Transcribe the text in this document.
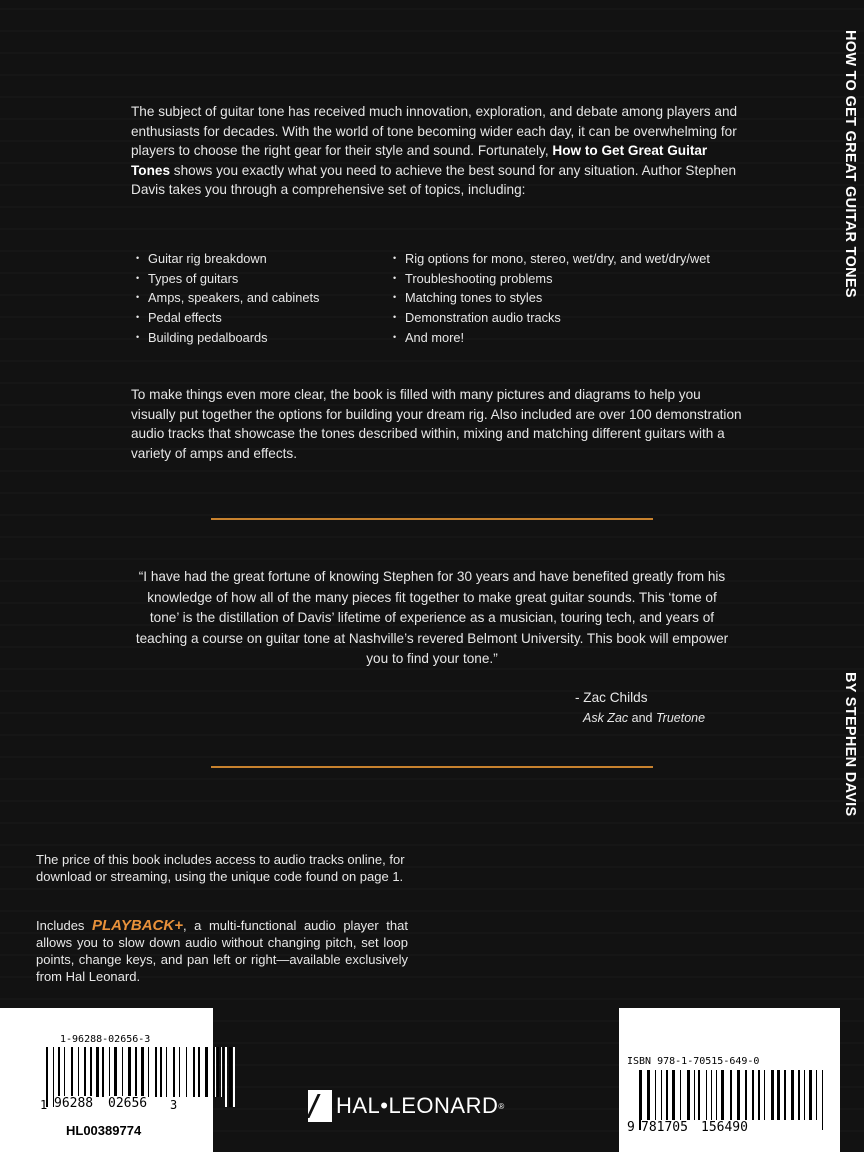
HOW TO GET GREAT GUITAR TONES
BY STEPHEN DAVIS
The subject of guitar tone has received much innovation, exploration, and debate among players and enthusiasts for decades. With the world of tone becoming wider each day, it can be overwhelming for players to choose the right gear for their style and sound. Fortunately, How to Get Great Guitar Tones shows you exactly what you need to achieve the best sound for any situation. Author Stephen Davis takes you through a comprehensive set of topics, including:
• Guitar rig breakdown
• Types of guitars
• Amps, speakers, and cabinets
• Pedal effects
• Building pedalboards
• Rig options for mono, stereo, wet/dry, and wet/dry/wet
• Troubleshooting problems
• Matching tones to styles
• Demonstration audio tracks
• And more!
To make things even more clear, the book is filled with many pictures and diagrams to help you visually put together the options for building your dream rig. Also included are over 100 demonstration audio tracks that showcase the tones described within, mixing and matching different guitars with a variety of amps and effects.
“I have had the great fortune of knowing Stephen for 30 years and have benefited greatly from his knowledge of how all of the many pieces fit together to make great guitar sounds. This ‘tome of tone’ is the distillation of Davis’ lifetime of experience as a musician, touring tech, and years of teaching a course on guitar tone at Nashville’s revered Belmont University. This book will empower you to find your tone.”
- Zac Childs
Ask Zac and Truetone
The price of this book includes access to audio tracks online, for download or streaming, using the unique code found on page 1.
Includes PLAYBACK+, a multi-functional audio player that allows you to slow down audio without changing pitch, set loop points, change keys, and pan left or right—available exclusively from Hal Leonard.
1-96288-02656-3
1 96288 02656 3
HL00389774
HAL•LEONARD ®
ISBN 978-1-70515-649-0
9 781705 156490
